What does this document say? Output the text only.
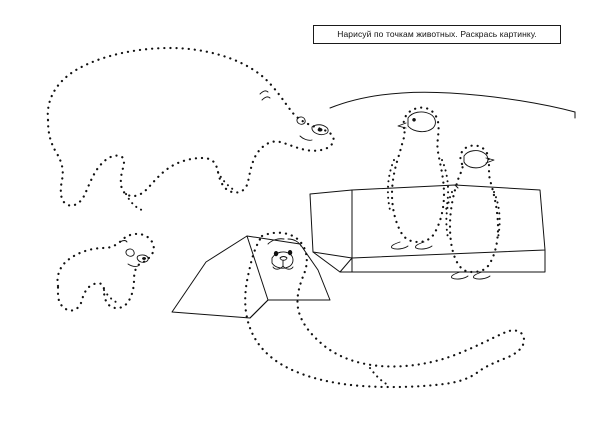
Нарисуй по точкам животных. Раскрась картинку.
